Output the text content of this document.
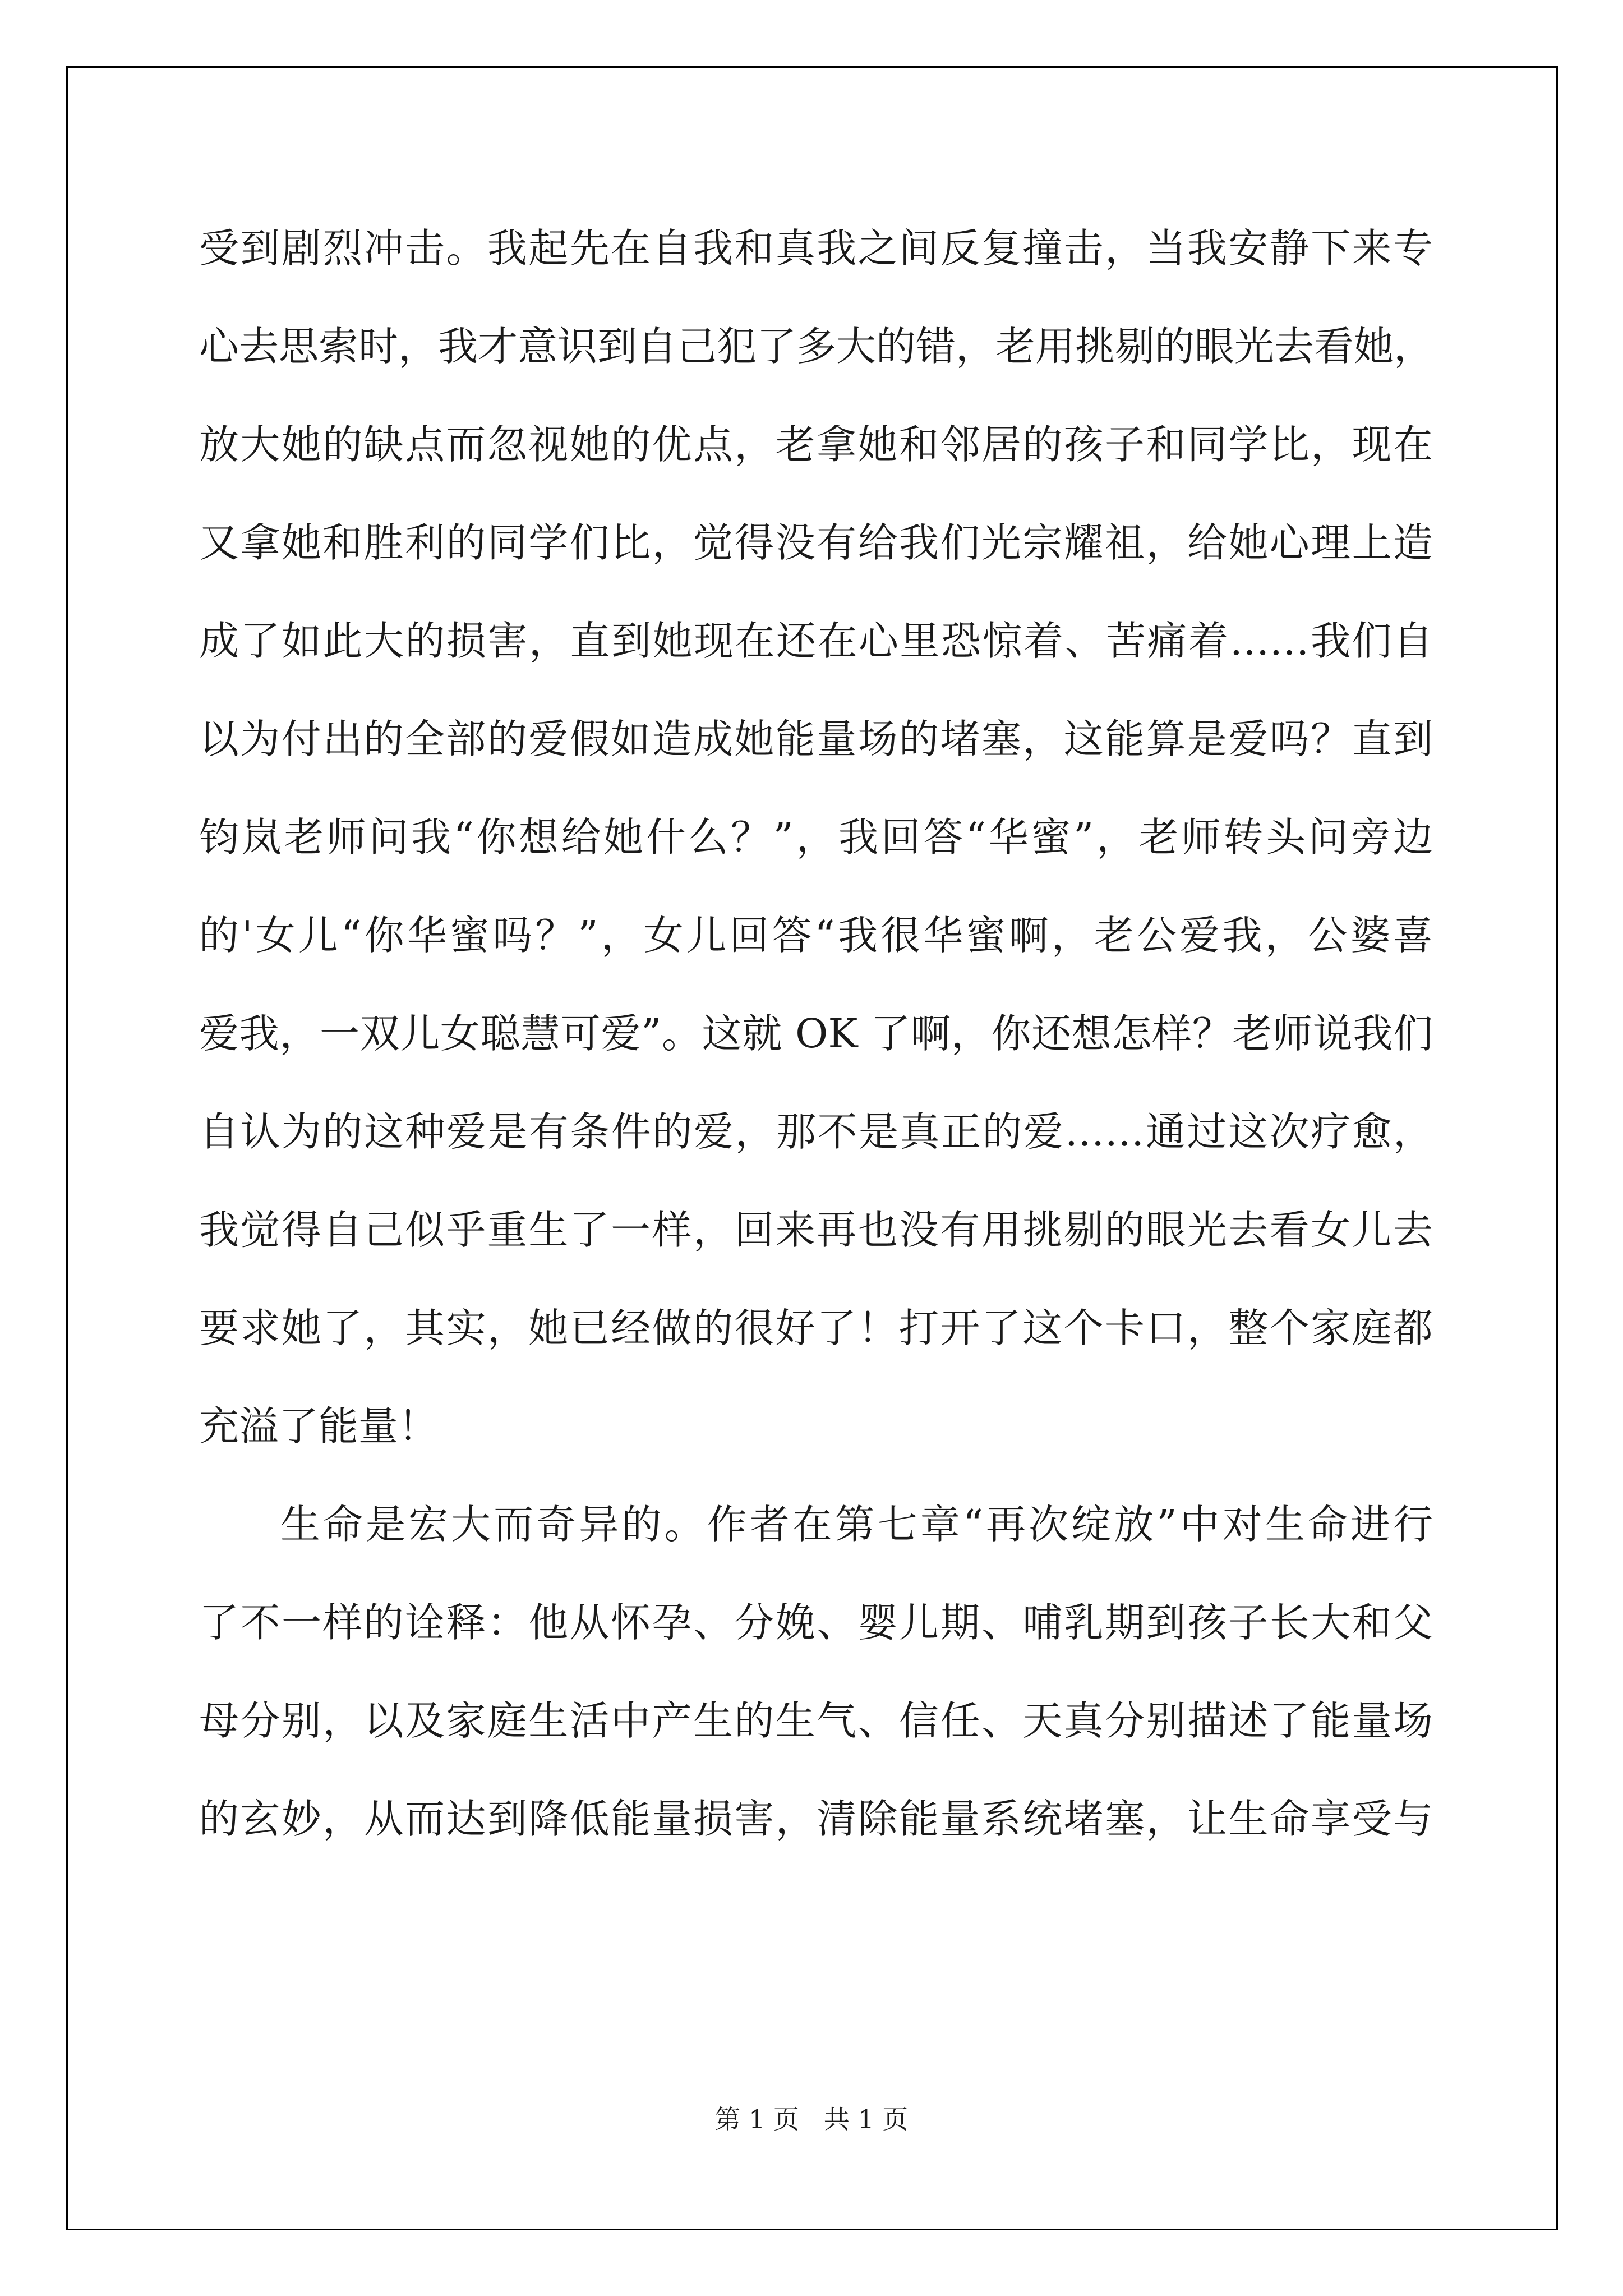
受到剧烈冲击。我起先在自我和真我之间反复撞击，当我安静下来专
心去思索时，我才意识到自己犯了多大的错，老用挑剔的眼光去看她，
放大她的缺点而忽视她的优点，老拿她和邻居的孩子和同学比，现在
又拿她和胜利的同学们比，觉得没有给我们光宗耀祖，给她心理上造
成了如此大的损害，直到她现在还在心里恐惊着、苦痛着……我们自
以为付出的全部的爱假如造成她能量场的堵塞，这能算是爱吗？直到
钧岚老师问我“你想给她什么？”，我回答“华蜜”，老师转头问旁边
的'女儿“你华蜜吗？”，女儿回答“我很华蜜啊，老公爱我，公婆喜
爱我，一双儿女聪慧可爱”。这就 OK 了啊，你还想怎样？老师说我们
自认为的这种爱是有条件的爱，那不是真正的爱……通过这次疗愈，
我觉得自己似乎重生了一样，回来再也没有用挑剔的眼光去看女儿去
要求她了，其实，她已经做的很好了！打开了这个卡口，整个家庭都
充溢了能量！
生命是宏大而奇异的。作者在第七章“再次绽放”中对生命进行
了不一样的诠释：他从怀孕、分娩、婴儿期、哺乳期到孩子长大和父
母分别，以及家庭生活中产生的生气、信任、天真分别描述了能量场
的玄妙，从而达到降低能量损害，清除能量系统堵塞，让生命享受与
第 1 页   共 1 页
